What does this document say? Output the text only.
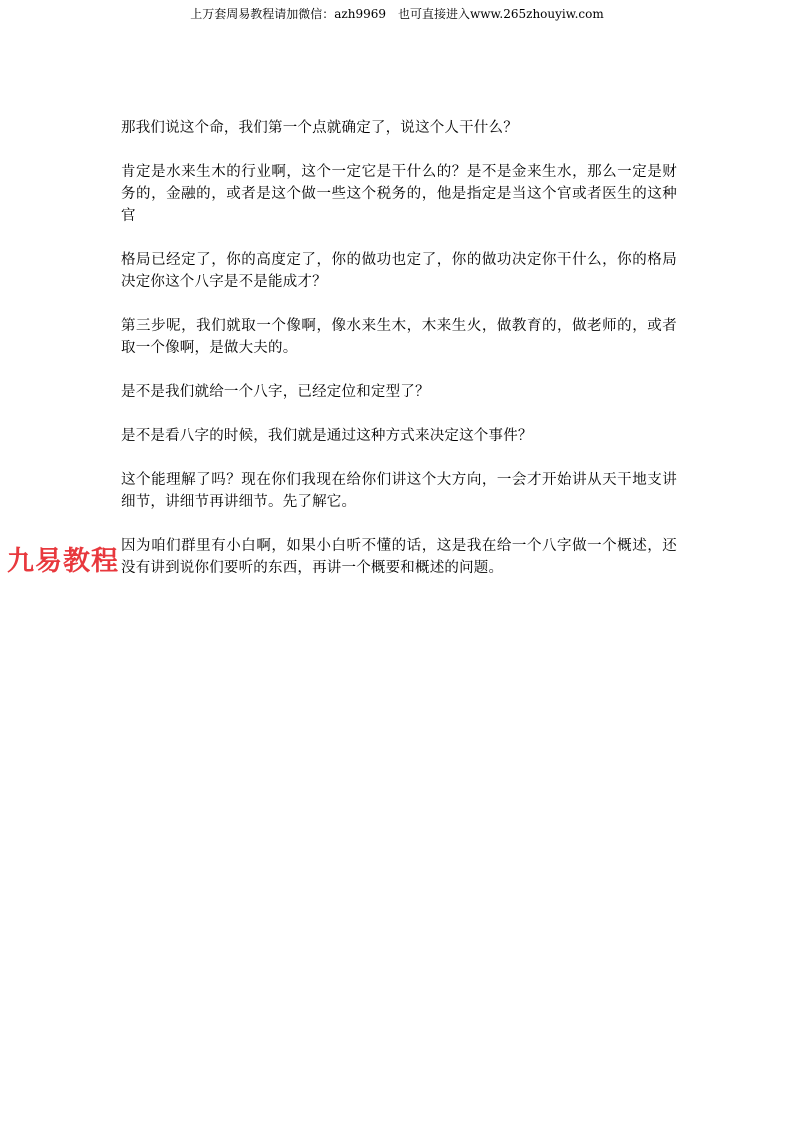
上万套周易教程请加微信：azh9969　也可直接进入www.265zhouyiw.com

那我们说这个命，我们第一个点就确定了，说这个人干什么？

肯定是水来生木的行业啊，这个一定它是干什么的？是不是金来生水，那么一定是财务的，金融的，或者是这个做一些这个税务的，他是指定是当这个官或者医生的这种官

格局已经定了，你的高度定了，你的做功也定了，你的做功决定你干什么，你的格局决定你这个八字是不是能成才？

第三步呢，我们就取一个像啊，像水来生木，木来生火，做教育的，做老师的，或者取一个像啊，是做大夫的。

是不是我们就给一个八字，已经定位和定型了？

是不是看八字的时候，我们就是通过这种方式来决定这个事件？

这个能理解了吗？现在你们我现在给你们讲这个大方向，一会才开始讲从天干地支讲细节，讲细节再讲细节。先了解它。

因为咱们群里有小白啊，如果小白听不懂的话，这是我在给一个八字做一个概述，还没有讲到说你们要听的东西，再讲一个概要和概述的问题。

九易教程
